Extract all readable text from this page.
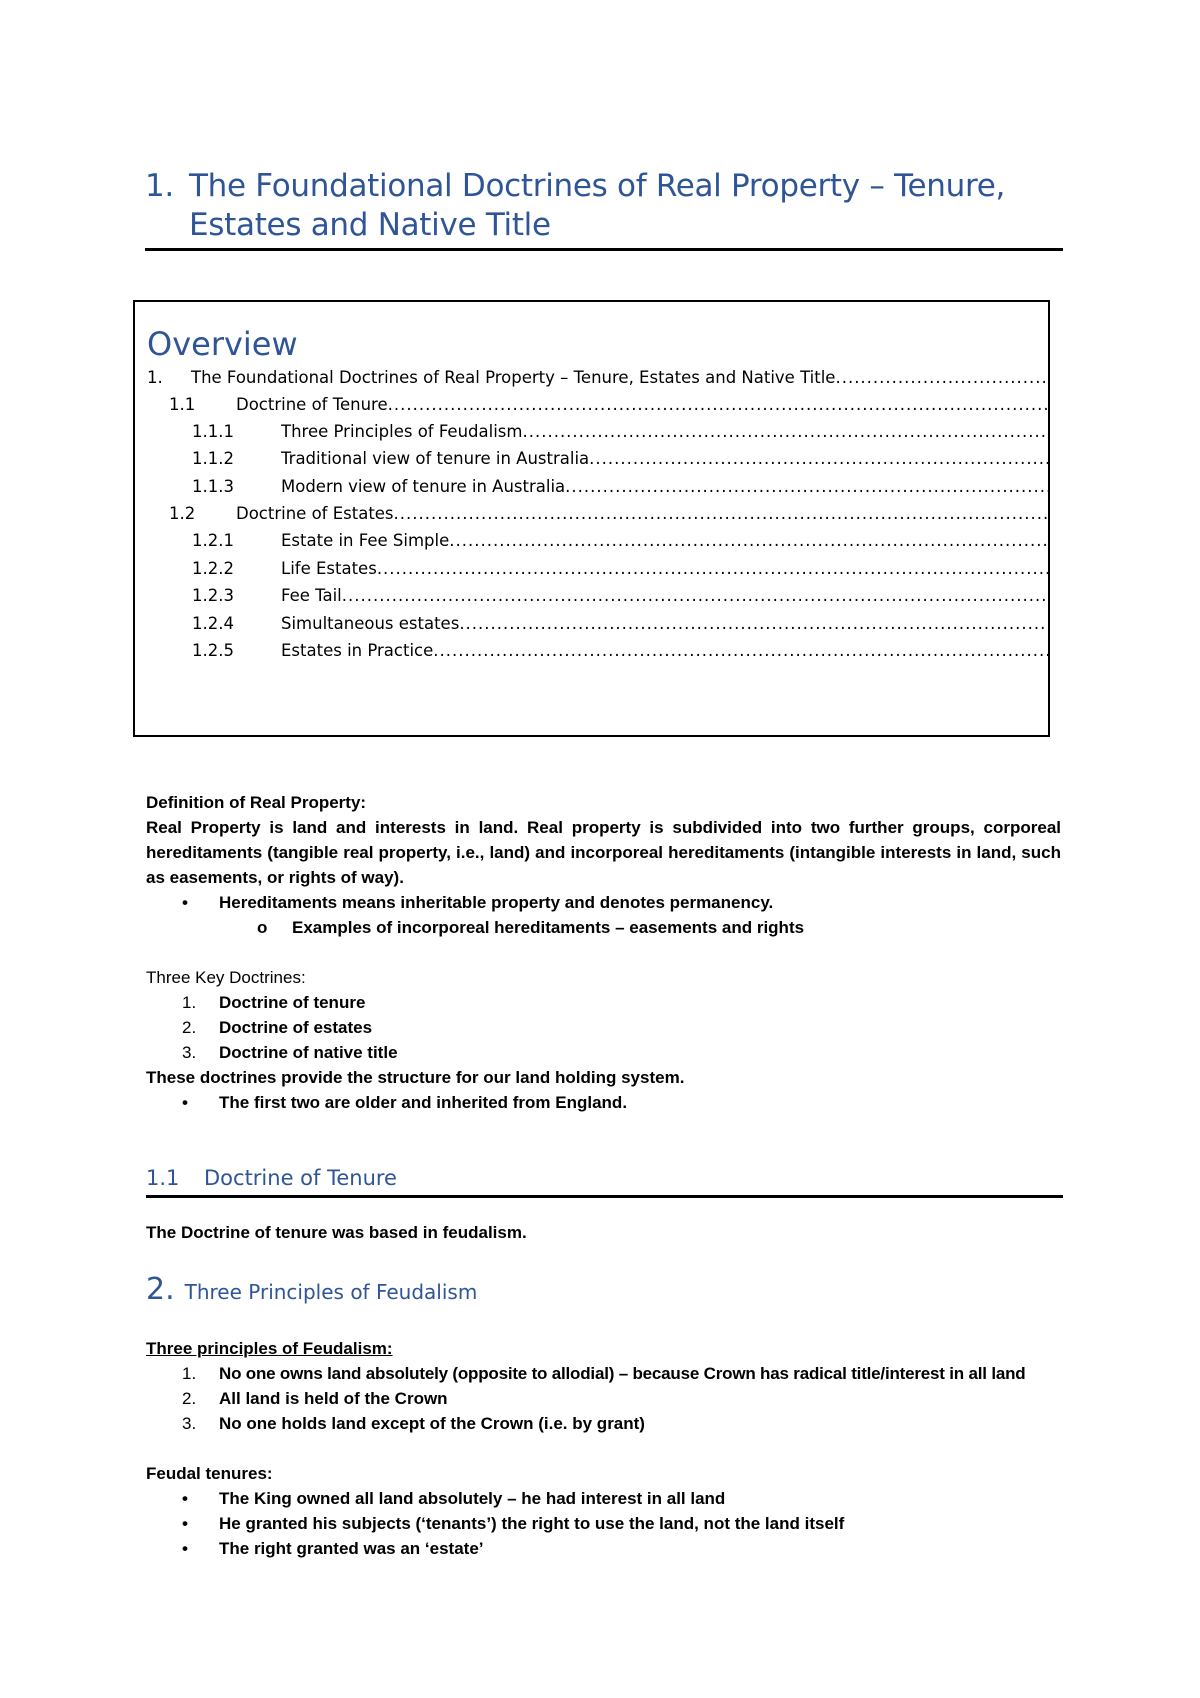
1. The Foundational Doctrines of Real Property – Tenure, Estates and Native Title
Overview
1. The Foundational Doctrines of Real Property – Tenure, Estates and Native Title
.....
1.1 Doctrine of Tenure
.....
1.1.1	Three Principles of Feudalism
.....
1.1.2	Traditional view of tenure in Australia
.....
1.1.3	Modern view of tenure in Australia
.....
1.2 Doctrine of Estates
.....
1.2.1	Estate in Fee Simple
.....
1.2.2	Life Estates
.....
1.2.3	Fee Tail
.....
1.2.4	Simultaneous estates
.....
1.2.5	Estates in Practice
.....
Definition of Real Property:
Real Property is land and interests in land. Real property is subdivided into two further groups, corporeal hereditaments (tangible real property, i.e., land) and incorporeal hereditaments (intangible interests in land, such as easements, or rights of way).
• Hereditaments means inheritable property and denotes permanency.
o Examples of incorporeal hereditaments – easements and rights
Three Key Doctrines:
1. Doctrine of tenure
2. Doctrine of estates
3. Doctrine of native title
These doctrines provide the structure for our land holding system.
• The first two are older and inherited from England.
1.1 Doctrine of Tenure
The Doctrine of tenure was based in feudalism.
2. Three Principles of Feudalism
Three principles of Feudalism:
1. No one owns land absolutely (opposite to allodial) – because Crown has radical title/interest in all land
2. All land is held of the Crown
3. No one holds land except of the Crown (i.e. by grant)
Feudal tenures:
• The King owned all land absolutely – he had interest in all land
• He granted his subjects (‘tenants’) the right to use the land, not the land itself
• The right granted was an ‘estate’
